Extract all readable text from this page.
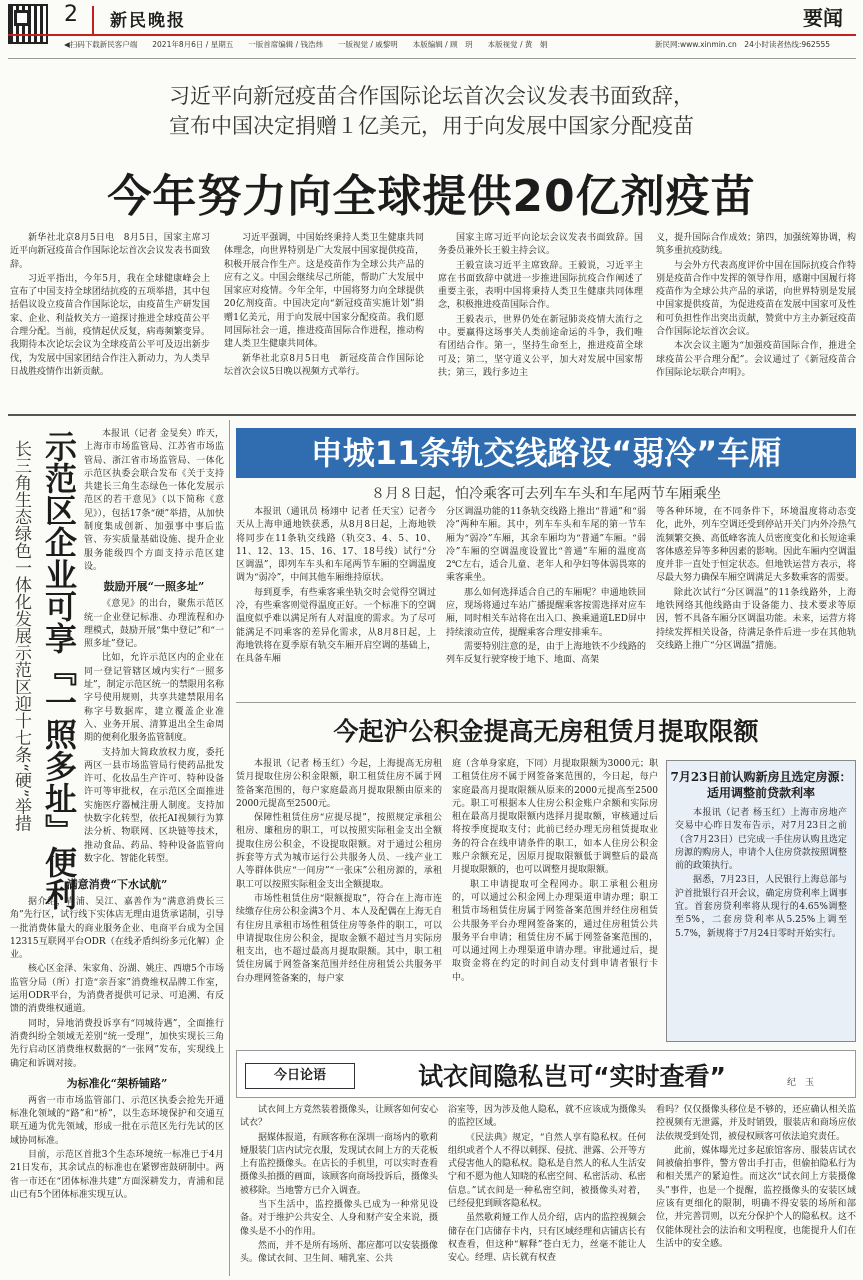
2 新民晚报	要闻
◀扫码下载新民客户端　　2021年8月6日 / 星期五　　一版首席编辑 / 钱浩炜　　一版视觉 / 戚黎明　　本版编辑 / 顾　玥　　本版视觉 / 黄　娟	新民网:www.xinmin.cn　24小时读者热线:962555
习近平向新冠疫苗合作国际论坛首次会议发表书面致辞，
宣布中国决定捐赠１亿美元，用于向发展中国家分配疫苗
今年努力向全球提供20亿剂疫苗

新华社北京8月5日电　8月5日，国家主席习近平向新冠疫苗合作国际论坛首次会议发表书面致辞。

习近平指出，今年5月，我在全球健康峰会上宣布了中国支持全球团结抗疫的五项举措，其中包括倡议设立疫苗合作国际论坛，由疫苗生产研发国家、企业、利益攸关方一道探讨推进全球疫苗公平合理分配。当前，疫情起伏反复，病毒频繁变异。我期待本次论坛会议为全球疫苗公平可及迈出新步伐，为发展中国家团结合作注入新动力，为人类早日战胜疫情作出新贡献。

习近平强调，中国始终秉持人类卫生健康共同体理念，向世界特别是广大发展中国家提供疫苗，积极开展合作生产。这是疫苗作为全球公共产品的应有之义。中国会继续尽己所能，帮助广大发展中国家应对疫情。今年全年，中国将努力向全球提供20亿剂疫苗。中国决定向“新冠疫苗实施计划”捐赠1亿美元，用于向发展中国家分配疫苗。我们愿同国际社会一道，推进疫苗国际合作进程，推动构建人类卫生健康共同体。

新华社北京8月5日电　新冠疫苗合作国际论坛首次会议5日晚以视频方式举行。

国家主席习近平向论坛会议发表书面致辞。国务委员兼外长王毅主持会议。

王毅宣读习近平主席致辞。王毅说，习近平主席在书面致辞中就进一步推进国际抗疫合作阐述了重要主张，表明中国将秉持人类卫生健康共同体理念，积极推进疫苗国际合作。

王毅表示，世界仍处在新冠肺炎疫情大流行之中。要赢得这场事关人类前途命运的斗争，我们唯有团结合作。第一，坚持生命至上，推进疫苗全球可及；第二，坚守道义公平，加大对发展中国家帮扶；第三，践行多边主

义，提升国际合作成效；第四，加强统筹协调，构筑多重抗疫防线。

与会外方代表高度评价中国在国际抗疫合作特别是疫苗合作中发挥的领导作用，感谢中国履行将疫苗作为全球公共产品的承诺，向世界特别是发展中国家提供疫苗，为促进疫苗在发展中国家可及性和可负担性作出突出贡献，赞赏中方主办新冠疫苗合作国际论坛首次会议。

本次会议主题为“加强疫苗国际合作，推进全球疫苗公平合理分配”。会议通过了《新冠疫苗合作国际论坛联合声明》。

长三角生态绿色一体化发展示范区迎十七条“硬”举措 示范区企业可享『一照多址』便利	本报讯（记者 金旻矣）昨天，上海市市场监管局、江苏省市场监管局、浙江省市场监管局、一体化示范区执委会联合发布《关于支持共建长三角生态绿色一体化发展示范区的若干意见》（以下简称《意见》），包括17条“硬”举措，从加快制度集成创新、加强事中事后监管、夯实质量基础设施、提升企业服务能级四个方面支持示范区建设。

鼓励开展“一照多址”

《意见》的出台，聚焦示范区统一企业登记标准、办理流程和办理模式，鼓励开展“集中登记”和“一照多址”登记。

比如，允许示范区内的企业在同一登记管辖区域内实行“一照多址”，制定示范区统一的禁限用名称字号使用规则，共享共建禁限用名称字号数据库，建立覆盖企业准入、业务开展、清算退出全生命周期的便利化服务监管制度。

支持加大简政放权力度，委托两区一县市场监管局行使药品批发许可、化妆品生产许可、特种设备许可等审批权，在示范区全面推进实施医疗器械注册人制度。支持加快数字化转型，依托AI视频行为算法分析、物联网、区块链等技术，推动食品、药品、特种设备监管向数字化、智能化转型。

满意消费“下水试航”

据介绍，青浦、吴江、嘉善作为“满意消费长三角”先行区，试行线下实体店无理由退货承诺制，引导一批消费体量大的商业服务企业、电商平台成为全国12315互联网平台ODR（在线矛盾纠纷多元化解）企业。

核心区金泽、朱家角、汾湖、姚庄、西塘5个市场监管分局（所）打造“亲吾家”消费维权品牌工作室，运用ODR平台，为消费者提供可记录、可追溯、有反馈的消费维权通道。

同时，异地消费投诉享有“同城待遇”，全面推行消费纠纷全领域无差别“统一受理”，加快实现长三角先行启动区消费维权数据的“一张网”发布，实现线上确定和诉调对接。

为标准化“架桥铺路”

两省一市市场监管部门、示范区执委会抢先开通标准化领域的“路”和“桥”，以生态环境保护和交通互联互通为优先领域，形成一批在示范区先行先试的区域协同标准。

目前，示范区首批3个生态环境统一标准已于4月21日发布，其余试点的标准也在紧锣密鼓研制中。两省一市还在“团体标准共建”方面深耕发力，青浦和昆山已有5个团体标准实现互认。

申城11条轨交线路设“弱冷”车厢
８月８日起，怕冷乘客可去列车车头和车尾两节车厢乘坐

本报讯（通讯员 杨翊中 记者 任天宝）记者今天从上海申通地铁获悉，从8月8日起，上海地铁将同步在11条轨交线路（轨交3、4、5、10、11、12、13、15、16、17、18号线）试行“分区调温”，即列车车头和车尾两节车厢的空调温度调为“弱冷”，中间其他车厢维持原状。

每到夏季，有些乘客乘坐轨交时会觉得空调过冷，有些乘客则觉得温度正好。一个标准下的空调温度似乎难以满足所有人对温度的需求。为了尽可能满足不同乘客的差异化需求，从8月8日起，上海地铁将在夏季原有轨交车厢开启空调的基础上，在具备车厢

分区调温功能的11条轨交线路上推出“普通”和“弱冷”两种车厢。其中，列车车头和车尾的第一节车厢为“弱冷”车厢，其余车厢均为“普通”车厢。“弱冷”车厢的空调温度设置比“普通”车厢的温度高2℃左右，适合儿童、老年人和孕妇等体弱畏寒的乘客乘坐。

那么如何选择适合自己的车厢呢？申通地铁回应，现场将通过车站广播提醒乘客按需选择对应车厢，同时相关车站将在出入口、换乘通道LED屏中持续滚动宣传，提醒乘客合理安排乘车。

需要特别注意的是，由于上海地铁不少线路的列车反复行驶穿梭于地下、地面、高架

等各种环境，在不同条件下，环境温度将动态变化，此外，列车空调还受到停站开关门内外冷热气流频繁交换、高低峰客流人员密度变化和长短途乘客体感差异等多种因素的影响。因此车厢内空调温度并非一直处于恒定状态。但地铁运营方表示，将尽最大努力确保车厢空调满足大多数乘客的需要。

除此次试行“分区调温”的11条线路外，上海地铁网络其他线路由于设备能力、技术要求等原因，暂不具备车厢分区调温功能。未来，运营方将持续发挥相关设备，待满足条件后进一步在其他轨交线路上推广“分区调温”措施。

今起沪公积金提高无房租赁月提取限额

本报讯（记者 杨玉红）今起，上海提高无房租赁月提取住房公积金限额，职工租赁住房不属于网签备案范围的，每户家庭最高月提取限额由原来的2000元提高至2500元。

保障性租赁住房“应提尽提”，按照规定承租公租房、廉租房的职工，可以按照实际租金支出全额提取住房公积金，不设提取限额。对于通过公租房拆套等方式为城市运行公共服务人员、一线产业工人等群体供应“一间房”“一张床”公租房源的，承租职工可以按照实际租金支出全额提取。

市场性租赁住房“限额提取”，符合在上海市连续缴存住房公积金满3个月、本人及配偶在上海无自有住房且承租市场性租赁住房等条件的职工，可以申请提取住房公积金，提取金额不超过当月实际房租支出，也不超过最高月提取限额。其中，职工租赁住房属于网签备案范围并经住房租赁公共服务平台办理网签备案的，每户家

庭（含单身家庭，下同）月提取限额为3000元；职工租赁住房不属于网签备案范围的，今日起，每户家庭最高月提取限额从原来的2000元提高至2500元。职工可根据本人住房公积金账户余额和实际房租在最高月提取限额内选择月提取额，审核通过后将按季度提取支付；此前已经办理无房租赁提取业务的符合在线申请条件的职工，如本人住房公积金账户余额充足，因原月提取限额低于调整后的最高月提取限额的，也可以调整月提取限额。

职工申请提取可全程网办。职工承租公租房的，可以通过公积金网上办理渠道申请办理；职工租赁市场租赁住房属于网签备案范围并经住房租赁公共服务平台办理网签备案的，通过住房租赁公共服务平台申请；租赁住房不属于网签备案范围的，可以通过网上办理渠道申请办理。审批通过后，提取资金将在约定的时间自动支付到申请者银行卡中。

7月23日前认购新房且选定房源：适用调整前贷款利率

本报讯（记者 杨玉红）上海市房地产交易中心昨日发布告示，对7月23日之前（含7月23日）已完成一手住房认购且选定房源的购房人，申请个人住房贷款按照调整前的政策执行。

据悉，7月23日，人民银行上海总部与沪首批银行召开会议，确定房贷利率上调事宜。首套房贷利率将从现行的4.65%调整至5%，二套房贷利率从5.25%上调至5.7%，新规将于7月24日零时开始实行。

今日论语	试衣间隐私岂可“实时查看”	纪　玉

试衣间上方竟然装着摄像头，让顾客如何安心试衣？

据媒体报道，有顾客称在深圳一商场内的歌莉娅服装门店内试完衣服，发现试衣间上方的天花板上有监控摄像头。在店长的手机里，可以实时查看摄像头拍摄的画面，该顾客向商场投诉后，摄像头被移除。当地警方已介入调查。

当下生活中，监控摄像头已成为一种常见设备。对于维护公共安全、人身和财产安全来说，摄像头是不小的作用。

然而，并不是所有场所、都应都可以安装摄像头。像试衣间、卫生间、哺乳室、公共

浴室等，因为涉及他人隐私，就不应该成为摄像头的监控区域。

《民法典》规定，“自然人享有隐私权。任何组织或者个人不得以刺探、侵扰、泄露、公开等方式侵害他人的隐私权。隐私是自然人的私人生活安宁和不愿为他人知晓的私密空间、私密活动、私密信息。”试衣间是一种私密空间，被摄像头对着，已经侵犯到顾客隐私权。

虽然歌莉娅工作人员介绍，店内的监控视频会储存在门店储存卡内，只有区域经理和店铺店长有权查看，但这种“解释”苍白无力，丝毫不能让人安心。经理、店长就有权查

看吗？仅仅摄像头移位是不够的，还应确认相关监控视频有无泄露，并及时销毁，服装店和商场应依法依规受到处罚，被侵权顾客可依法追究责任。

此前，媒体曝光过多起旅馆客房、服装店试衣间被偷拍事件，警方曾出手打击，但偷拍隐私行为和相关黑产的紧迫性。而这次“试衣间上方装摄像头”事件，也是一个提醒，监控摄像头的安装区域应该有更细化的限制，明确不得安装的场所和部位，并完善罚则，以充分保护个人的隐私权。这不仅能体现社会的法治和文明程度，也能提升人们在生活中的安全感。
